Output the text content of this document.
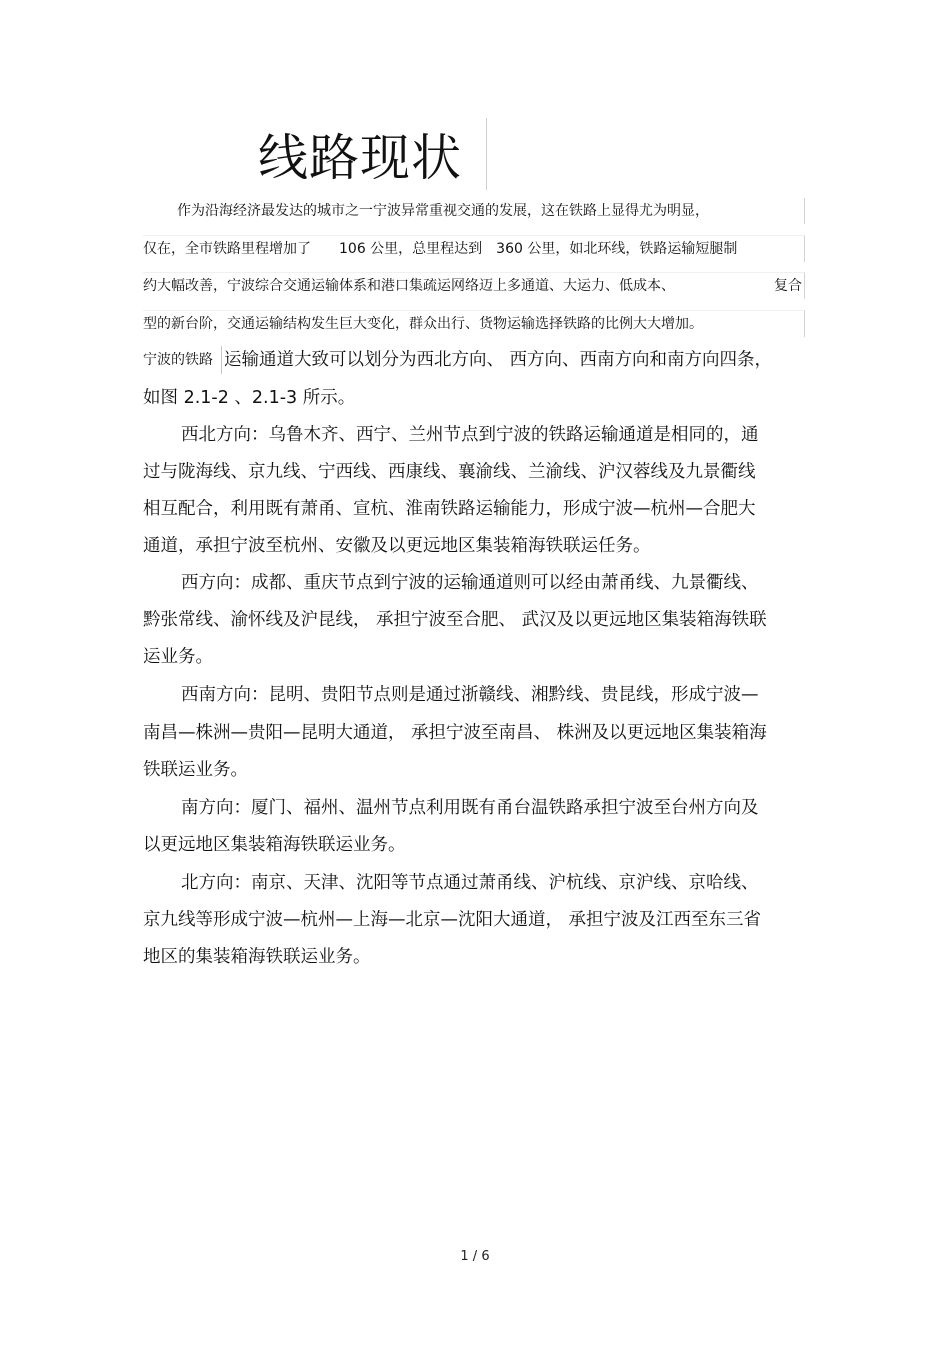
线路现状
作为沿海经济最发达的城市之一宁波异常重视交通的发展，这在铁路上显得尤为明显，
仅在，全市铁路里程增加了 106 公里，总里程达到 360 公里，如北环线，铁路运输短腿制
约大幅改善，宁波综合交通运输体系和港口集疏运网络迈上多通道、大运力、低成本、	复合
型的新台阶，交通运输结构发生巨大变化，群众出行、货物运输选择铁路的比例大大增加。
宁波的铁路 运输通道大致可以划分为西北方向、 西方向、西南方向和南方向四条，
如图 2.1-2 、2.1-3 所示。
西北方向：乌鲁木齐、西宁、兰州节点到宁波的铁路运输通道是相同的，通
过与陇海线、京九线、宁西线、西康线、襄渝线、兰渝线、沪汉蓉线及九景衢线
相互配合，利用既有萧甬、宣杭、淮南铁路运输能力，形成宁波—杭州—合肥大
通道，承担宁波至杭州、安徽及以更远地区集装箱海铁联运任务。
西方向：成都、重庆节点到宁波的运输通道则可以经由萧甬线、九景衢线、
黔张常线、渝怀线及沪昆线， 承担宁波至合肥、 武汉及以更远地区集装箱海铁联
运业务。
西南方向：昆明、贵阳节点则是通过浙赣线、湘黔线、贵昆线，形成宁波—
南昌—株洲—贵阳—昆明大通道， 承担宁波至南昌、 株洲及以更远地区集装箱海
铁联运业务。
南方向：厦门、福州、温州节点利用既有甬台温铁路承担宁波至台州方向及
以更远地区集装箱海铁联运业务。
北方向：南京、天津、沈阳等节点通过萧甬线、沪杭线、京沪线、京哈线、
京九线等形成宁波—杭州—上海—北京—沈阳大通道， 承担宁波及江西至东三省
地区的集装箱海铁联运业务。
1 / 6
